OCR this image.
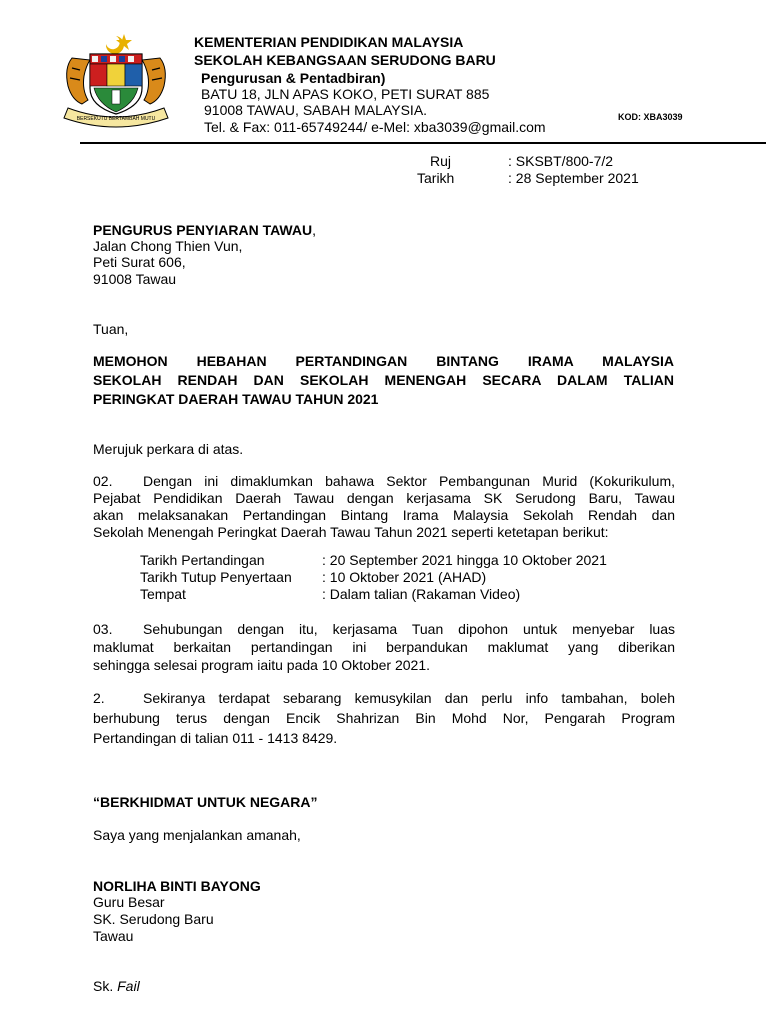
BERSEKUTU BERTAMBAH MUTU
KEMENTERIAN PENDIDIKAN MALAYSIA
SEKOLAH KEBANGSAAN SERUDONG BARU
Pengurusan & Pentadbiran)
BATU 18, JLN APAS KOKO, PETI SURAT 885
91008 TAWAU, SABAH MALAYSIA.
Tel. & Fax: 011-65749244/ e-Mel: xba3039@gmail.com
KOD: XBA3039
Ruj	: SKSBT/800-7/2
Tarikh	: 28 September 2021
PENGURUS PENYIARAN TAWAU,
Jalan Chong Thien Vun,
Peti Surat 606,
91008 Tawau
Tuan,
MEMOHON HEBAHAN PERTANDINGAN BINTANG IRAMA MALAYSIA
SEKOLAH RENDAH DAN SEKOLAH MENENGAH SECARA DALAM TALIAN
PERINGKAT DAERAH TAWAU TAHUN 2021
Merujuk perkara di atas.
02. Dengan ini dimaklumkan bahawa Sektor Pembangunan Murid (Kokurikulum,
Pejabat Pendidikan Daerah Tawau dengan kerjasama SK Serudong Baru, Tawau
akan melaksanakan Pertandingan Bintang Irama Malaysia Sekolah Rendah dan
Sekolah Menengah Peringkat Daerah Tawau Tahun 2021 seperti ketetapan berikut:
Tarikh Pertandingan	: 20 September 2021 hingga 10 Oktober 2021
Tarikh Tutup Penyertaan : 10 Oktober 2021 (AHAD)
Tempat	: Dalam talian (Rakaman Video)
03. Sehubungan dengan itu, kerjasama Tuan dipohon untuk menyebar luas
maklumat berkaitan pertandingan ini berpandukan maklumat yang diberikan
sehingga selesai program iaitu pada 10 Oktober 2021.
2.	Sekiranya terdapat sebarang kemusykilan dan perlu info tambahan, boleh
berhubung terus dengan Encik Shahrizan Bin Mohd Nor, Pengarah Program
Pertandingan di talian 011 - 1413 8429.
“BERKHIDMAT UNTUK NEGARA”
Saya yang menjalankan amanah,
NORLIHA BINTI BAYONG
Guru Besar
SK. Serudong Baru
Tawau
Sk. Fail
